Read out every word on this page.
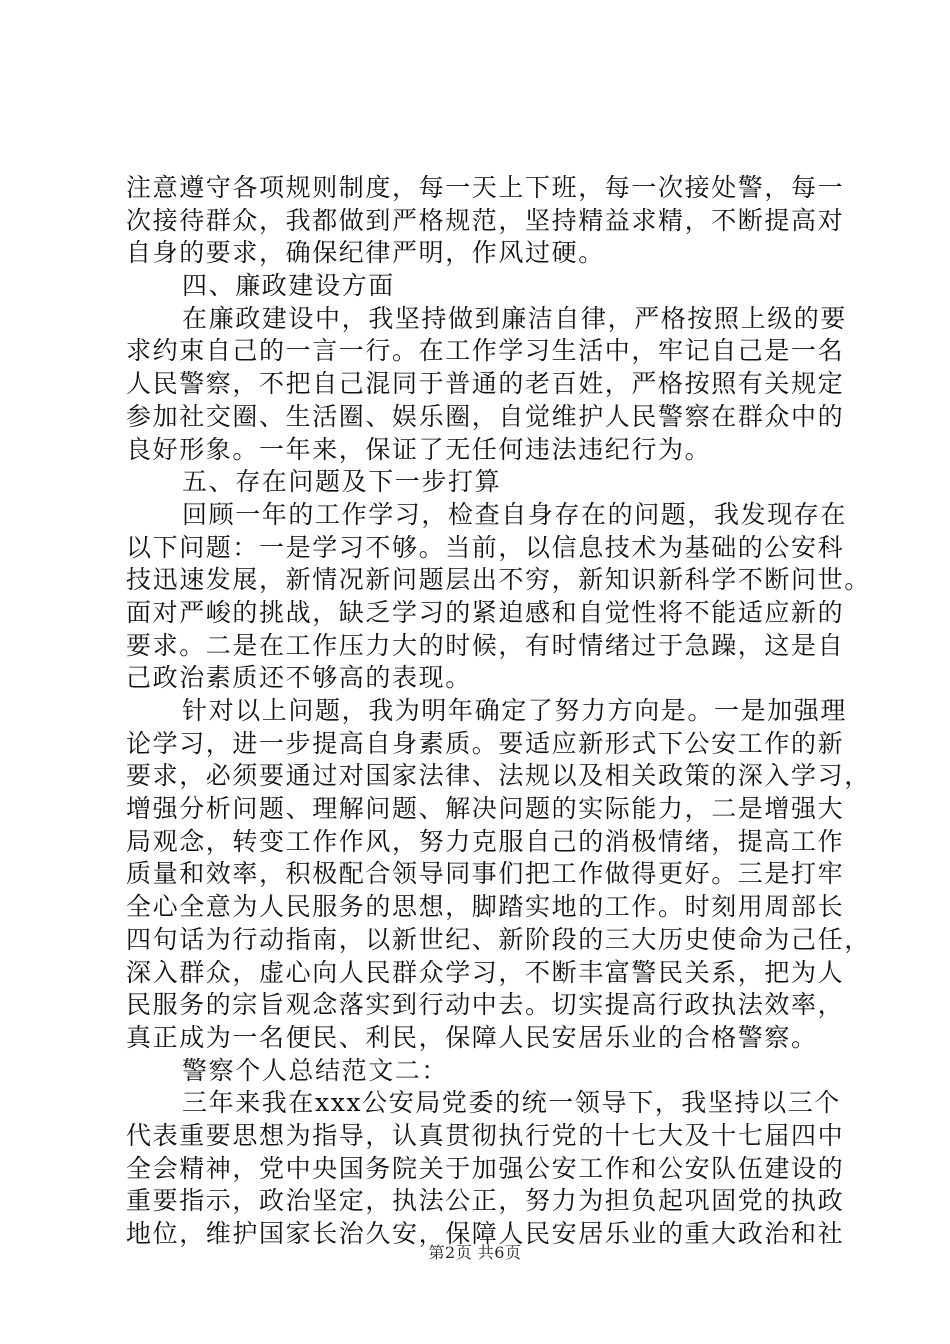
注意遵守各项规则制度，每一天上下班，每一次接处警，每一
次接待群众，我都做到严格规范，坚持精益求精，不断提高对
自身的要求，确保纪律严明，作风过硬。
四、廉政建设方面
在廉政建设中，我坚持做到廉洁自律，严格按照上级的要
求约束自己的一言一行。在工作学习生活中，牢记自己是一名
人民警察，不把自己混同于普通的老百姓，严格按照有关规定
参加社交圈、生活圈、娱乐圈，自觉维护人民警察在群众中的
良好形象。一年来，保证了无任何违法违纪行为。
五、存在问题及下一步打算
回顾一年的工作学习，检查自身存在的问题，我发现存在
以下问题：一是学习不够。当前，以信息技术为基础的公安科
技迅速发展，新情况新问题层出不穷，新知识新科学不断问世。
面对严峻的挑战，缺乏学习的紧迫感和自觉性将不能适应新的
要求。二是在工作压力大的时候，有时情绪过于急躁，这是自
己政治素质还不够高的表现。
针对以上问题，我为明年确定了努力方向是。一是加强理
论学习，进一步提高自身素质。要适应新形式下公安工作的新
要求，必须要通过对国家法律、法规以及相关政策的深入学习，
增强分析问题、理解问题、解决问题的实际能力，二是增强大
局观念，转变工作作风，努力克服自己的消极情绪，提高工作
质量和效率，积极配合领导同事们把工作做得更好。三是打牢
全心全意为人民服务的思想，脚踏实地的工作。时刻用周部长
四句话为行动指南，以新世纪、新阶段的三大历史使命为己任，
深入群众，虚心向人民群众学习，不断丰富警民关系，把为人
民服务的宗旨观念落实到行动中去。切实提高行政执法效率，
真正成为一名便民、利民，保障人民安居乐业的合格警察。
警察个人总结范文二：
三年来我在xxx公安局党委的统一领导下，我坚持以三个
代表重要思想为指导，认真贯彻执行党的十七大及十七届四中
全会精神，党中央国务院关于加强公安工作和公安队伍建设的
重要指示，政治坚定，执法公正，努力为担负起巩固党的执政
地位，维护国家长治久安，保障人民安居乐业的重大政治和社
第2页 共6页
